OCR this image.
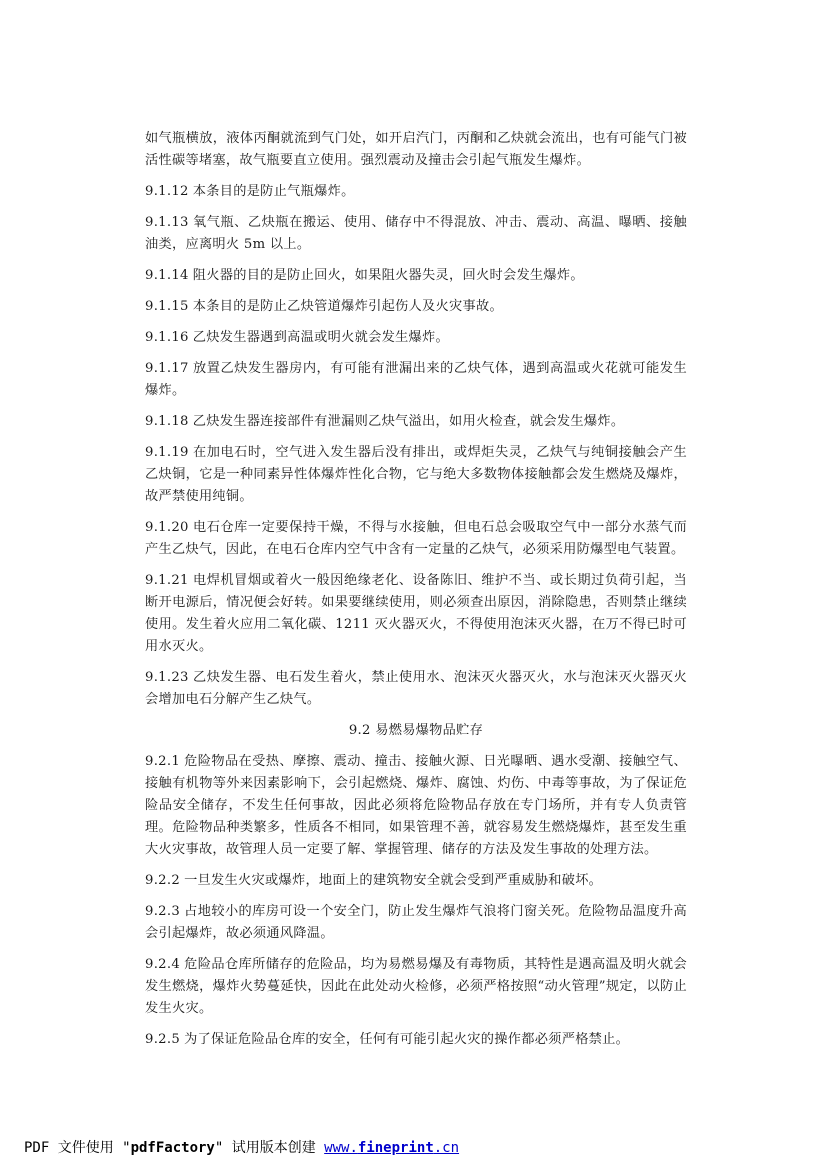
如气瓶横放，液体丙酮就流到气门处，如开启汽门，丙酮和乙炔就会流出，也有可能气门被活性碳等堵塞，故气瓶要直立使用。强烈震动及撞击会引起气瓶发生爆炸。
9.1.12 本条目的是防止气瓶爆炸。
9.1.13 氧气瓶、乙炔瓶在搬运、使用、储存中不得混放、冲击、震动、高温、曝晒、接触油类，应离明火 5m 以上。
9.1.14 阻火器的目的是防止回火，如果阻火器失灵，回火时会发生爆炸。
9.1.15 本条目的是防止乙炔管道爆炸引起伤人及火灾事故。
9.1.16 乙炔发生器遇到高温或明火就会发生爆炸。
9.1.17 放置乙炔发生器房内，有可能有泄漏出来的乙炔气体，遇到高温或火花就可能发生爆炸。
9.1.18 乙炔发生器连接部件有泄漏则乙炔气溢出，如用火检查，就会发生爆炸。
9.1.19 在加电石时，空气进入发生器后没有排出，或焊炬失灵，乙炔气与纯铜接触会产生乙炔铜，它是一种同素异性体爆炸性化合物，它与绝大多数物体接触都会发生燃烧及爆炸，故严禁使用纯铜。
9.1.20 电石仓库一定要保持干燥，不得与水接触，但电石总会吸取空气中一部分水蒸气而产生乙炔气，因此，在电石仓库内空气中含有一定量的乙炔气，必须采用防爆型电气装置。
9.1.21 电焊机冒烟或着火一般因绝缘老化、设备陈旧、维护不当、或长期过负荷引起，当断开电源后，情况便会好转。如果要继续使用，则必须查出原因，消除隐患，否则禁止继续使用。发生着火应用二氧化碳、1211 灭火器灭火，不得使用泡沫灭火器，在万不得已时可用水灭火。
9.1.23 乙炔发生器、电石发生着火，禁止使用水、泡沫灭火器灭火，水与泡沫灭火器灭火会增加电石分解产生乙炔气。
9.2 易燃易爆物品贮存
9.2.1 危险物品在受热、摩擦、震动、撞击、接触火源、日光曝晒、遇水受潮、接触空气、接触有机物等外来因素影响下，会引起燃烧、爆炸、腐蚀、灼伤、中毒等事故，为了保证危险品安全储存，不发生任何事故，因此必须将危险物品存放在专门场所，并有专人负责管理。危险物品种类繁多，性质各不相同，如果管理不善，就容易发生燃烧爆炸，甚至发生重大火灾事故，故管理人员一定要了解、掌握管理、储存的方法及发生事故的处理方法。
9.2.2 一旦发生火灾或爆炸，地面上的建筑物安全就会受到严重威胁和破坏。
9.2.3 占地较小的库房可设一个安全门，防止发生爆炸气浪将门窗关死。危险物品温度升高会引起爆炸，故必须通风降温。
9.2.4 危险品仓库所储存的危险品，均为易燃易爆及有毒物质，其特性是遇高温及明火就会发生燃烧，爆炸火势蔓延快，因此在此处动火检修，必须严格按照“动火管理”规定，以防止发生火灾。
9.2.5 为了保证危险品仓库的安全，任何有可能引起火灾的操作都必须严格禁止。
PDF 文件使用 "pdfFactory" 试用版本创建 www.fineprint.cn
